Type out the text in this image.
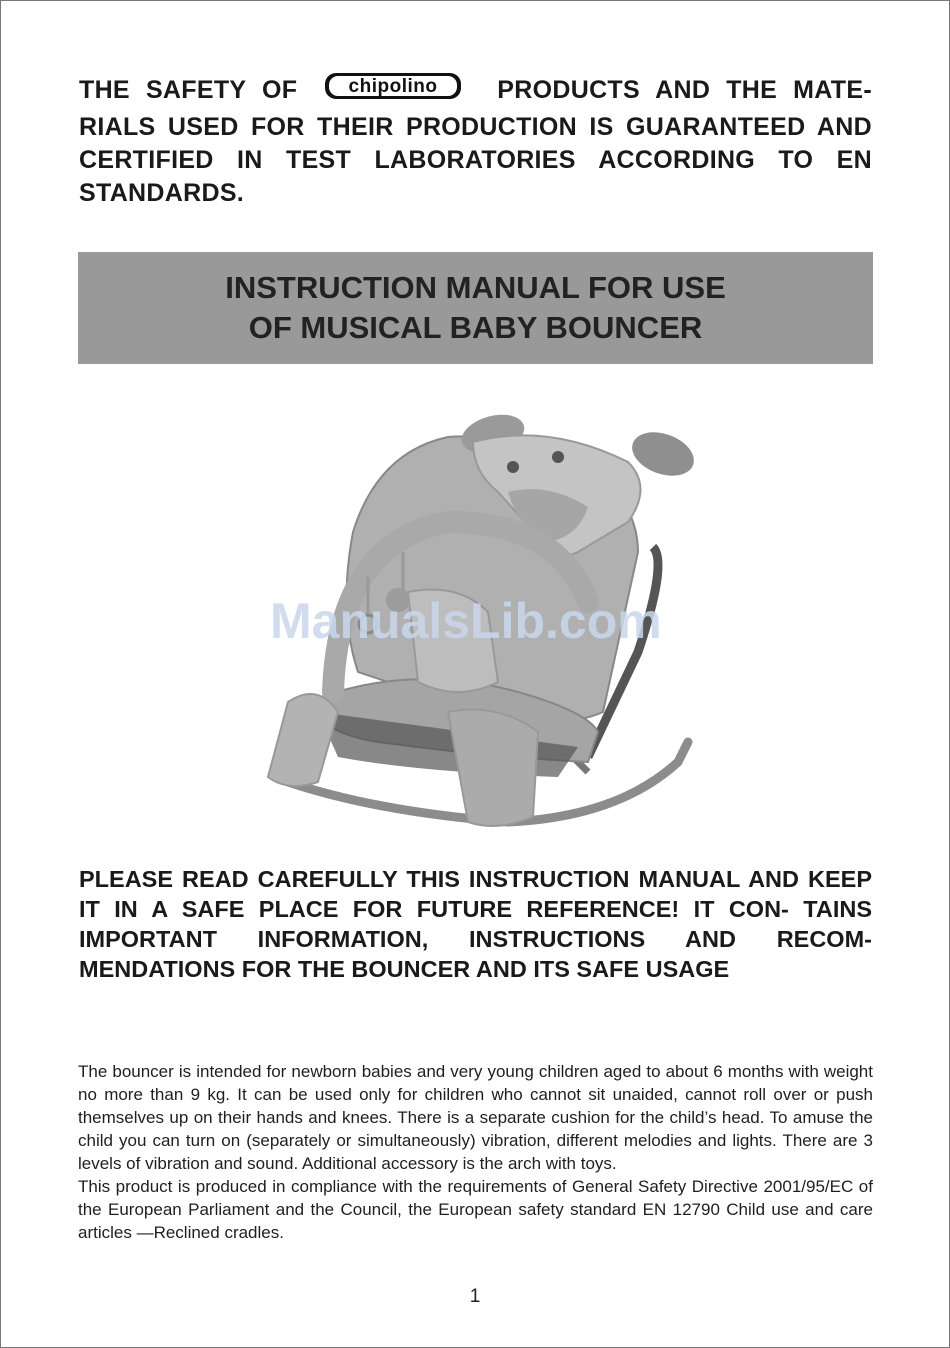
THE SAFETY OF	chipolino PRODUCTS AND THE MATE- RIALS USED FOR THEIR PRODUCTION IS GUARANTEED AND CERTIFIED IN TEST LABORATORIES ACCORDING TO EN STANDARDS.
INSTRUCTION MANUAL FOR USE
OF MUSICAL BABY BOUNCER
ManualsLib.com
PLEASE READ CAREFULLY THIS INSTRUCTION MANUAL AND KEEP IT IN A SAFE PLACE FOR FUTURE REFERENCE! IT CON- TAINS IMPORTANT INFORMATION, INSTRUCTIONS AND RECOM- MENDATIONS FOR THE BOUNCER AND ITS SAFE USAGE

The bouncer is intended for newborn babies and very young children aged to about 6 months with weight no more than 9 kg. It can be used only for children who cannot sit unaided, cannot roll over or push themselves up on their hands and knees. There is a separate cushion for the child’s head. To amuse the child you can turn on (separately or simultaneously) vibration, different melodies and lights. There are 3 levels of vibration and sound. Additional accessory is the arch with toys.

This product is produced in compliance with the requirements of General Safety Directive 2001/95/EC of the European Parliament and the Council, the European safety standard EN 12790 Child use and care articles —Reclined cradles.

1
